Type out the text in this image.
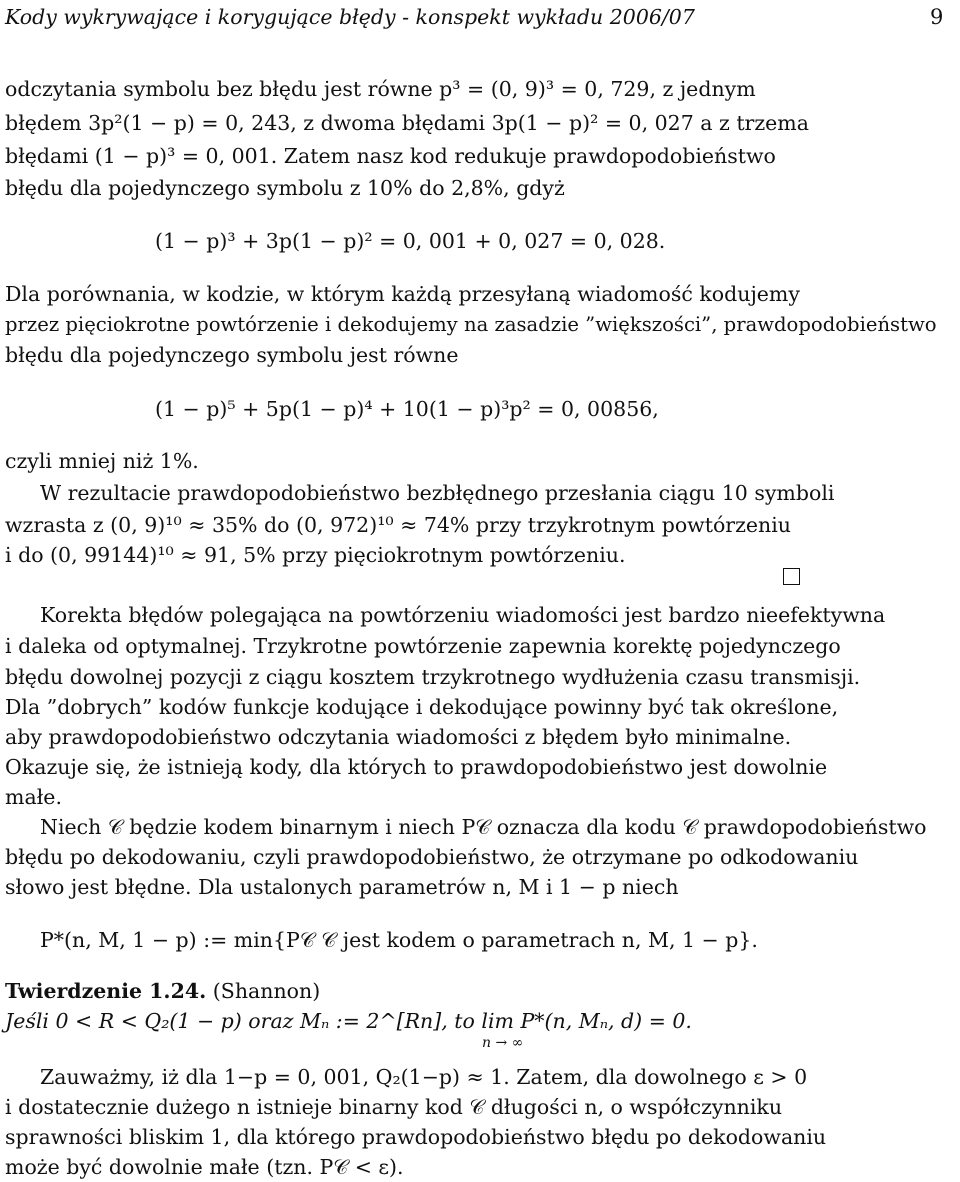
Kody wykrywające i korygujące błędy - konspekt wykładu 2006/07	9
odczytania symbolu bez błędu jest równe p³ = (0, 9)³ = 0, 729, z jednym
błędem 3p²(1 − p) = 0, 243, z dwoma błędami 3p(1 − p)² = 0, 027 a z trzema
błędami (1 − p)³ = 0, 001. Zatem nasz kod redukuje prawdopodobieństwo
błędu dla pojedynczego symbolu z 10% do 2,8%, gdyż
(1 − p)³ + 3p(1 − p)² = 0, 001 + 0, 027 = 0, 028.
Dla porównania, w kodzie, w którym każdą przesyłaną wiadomość kodujemy
przez pięciokrotne powtórzenie i dekodujemy na zasadzie ”większości”, prawdopodobieństwo
błędu dla pojedynczego symbolu jest równe
(1 − p)⁵ + 5p(1 − p)⁴ + 10(1 − p)³p² = 0, 00856,
czyli mniej niż 1%.
W rezultacie prawdopodobieństwo bezbłędnego przesłania ciągu 10 symboli
wzrasta z (0, 9)¹⁰ ≈ 35% do (0, 972)¹⁰ ≈ 74% przy trzykrotnym powtórzeniu
i do (0, 99144)¹⁰ ≈ 91, 5% przy pięciokrotnym powtórzeniu.
Korekta błędów polegająca na powtórzeniu wiadomości jest bardzo nieefektywna
i daleka od optymalnej. Trzykrotne powtórzenie zapewnia korektę pojedynczego
błędu dowolnej pozycji z ciągu kosztem trzykrotnego wydłużenia czasu transmisji.
Dla ”dobrych” kodów funkcje kodujące i dekodujące powinny być tak określone,
aby prawdopodobieństwo odczytania wiadomości z błędem było minimalne.
Okazuje się, że istnieją kody, dla których to prawdopodobieństwo jest dowolnie
małe.
Niech 𝒞 będzie kodem binarnym i niech P𝒞 oznacza dla kodu 𝒞 prawdopodobieństwo
błędu po dekodowaniu, czyli prawdopodobieństwo, że otrzymane po odkodowaniu
słowo jest błędne. Dla ustalonych parametrów n, M i 1 − p niech
P*(n, M, 1 − p) := min{P𝒞 𝒞 jest kodem o parametrach n, M, 1 − p}.
Twierdzenie 1.24. (Shannon)
Jeśli 0 < R < Q₂(1 − p) oraz Mₙ := 2^[Rn], to lim P*(n, Mₙ, d) = 0.
n → ∞
Zauważmy, iż dla 1−p = 0, 001, Q₂(1−p) ≈ 1. Zatem, dla dowolnego ε > 0
i dostatecznie dużego n istnieje binarny kod 𝒞 długości n, o współczynniku
sprawności bliskim 1, dla którego prawdopodobieństwo błędu po dekodowaniu
może być dowolnie małe (tzn. P𝒞 < ε).
